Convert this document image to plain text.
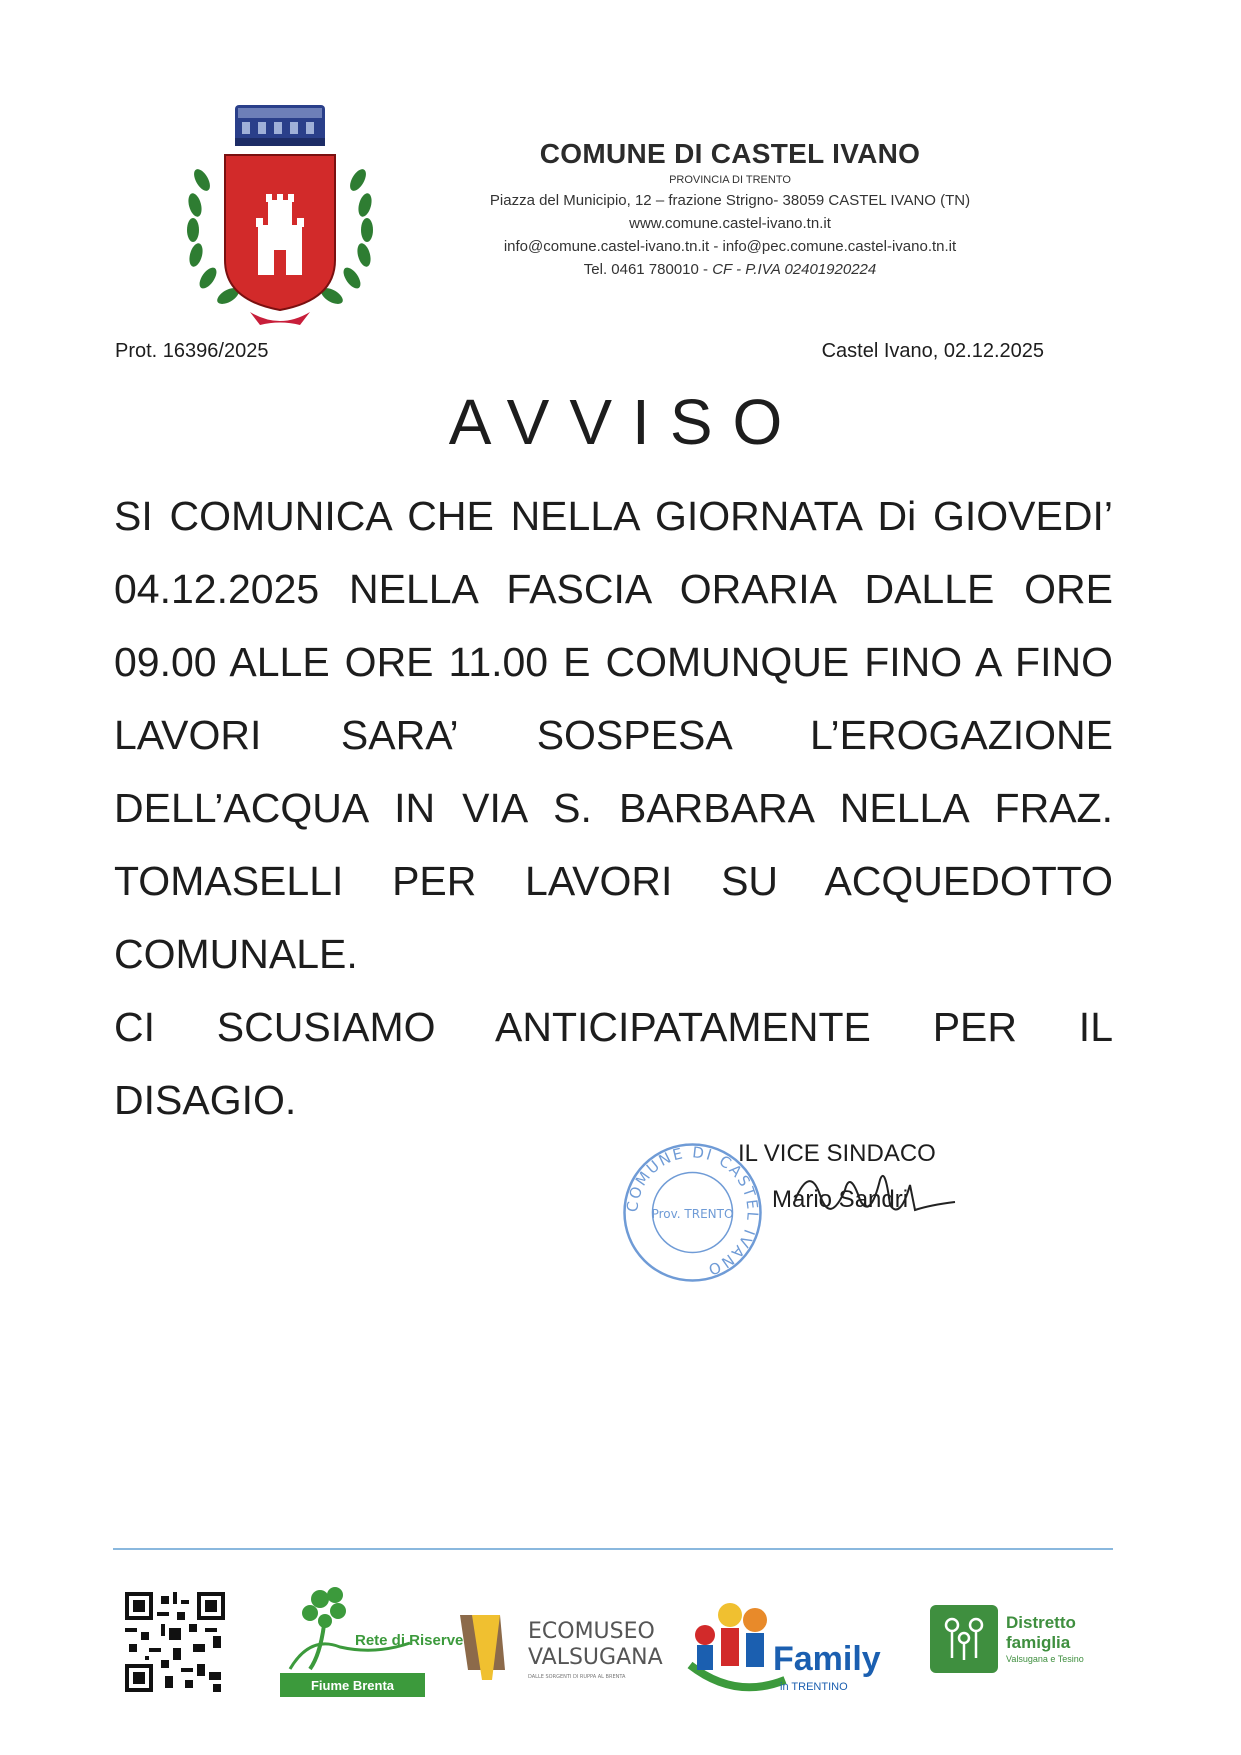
COMUNE DI CASTEL IVANO
PROVINCIA DI TRENTO
Piazza del Municipio, 12 – frazione Strigno- 38059 CASTEL IVANO (TN)
www.comune.castel-ivano.tn.it
info@comune.castel-ivano.tn.it - info@pec.comune.castel-ivano.tn.it
Tel. 0461 780010 - CF - P.IVA 02401920224
Prot. 16396/2025	Castel Ivano, 02.12.2025
AVVISO
SI COMUNICA CHE NELLA GIORNATA Di GIOVEDI’
04.12.2025 NELLA FASCIA ORARIA DALLE ORE
09.00 ALLE ORE 11.00 E COMUNQUE FINO A FINO
LAVORI SARA’ SOSPESA L’EROGAZIONE
DELL’ACQUA IN VIA S. BARBARA NELLA FRAZ.
TOMASELLI PER LAVORI SU ACQUEDOTTO
COMUNALE.
CI SCUSIAMO ANTICIPATAMENTE PER IL
DISAGIO.
COMUNE DI CASTEL IVANO
Prov. TRENTO
IL VICE SINDACO
Mario Sandri
Rete di Riserve
Fiume Brenta
ECOMUSEO
VALSUGANA
DALLE SORGENTI DI RUPPA AL BRENTA	Family
in TRENTINO
Distretto
famiglia
Valsugana e Tesino
